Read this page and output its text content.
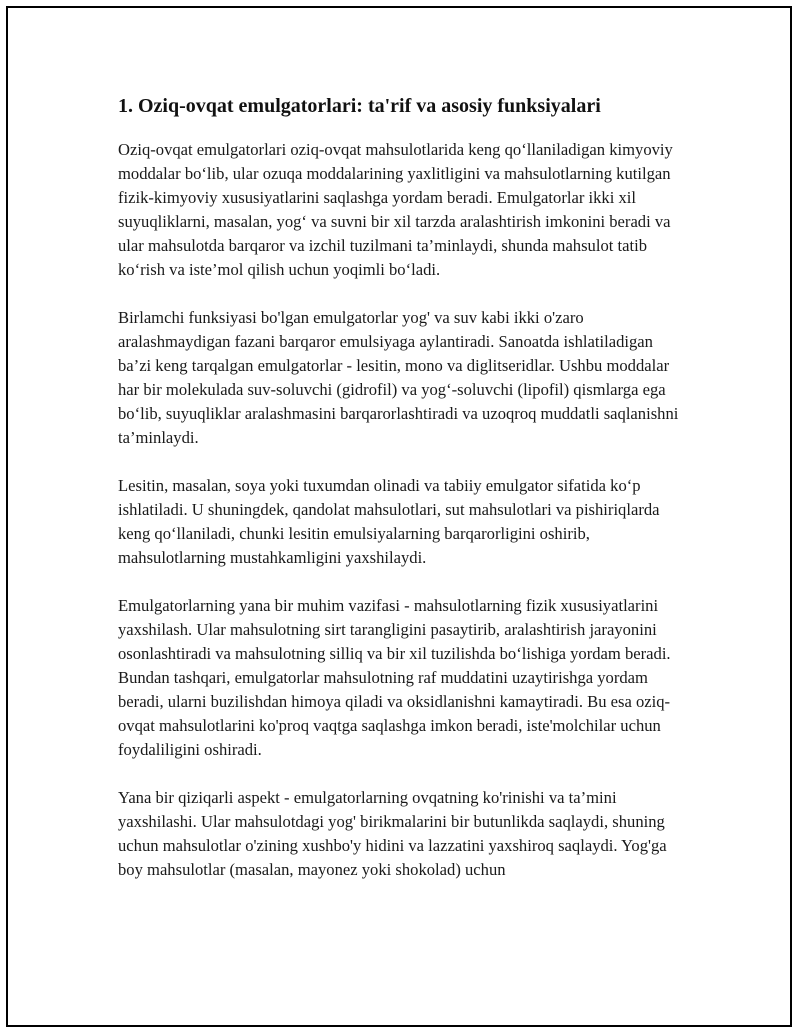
1. Oziq-ovqat emulgatorlari: ta'rif va asosiy funksiyalari

Oziq-ovqat emulgatorlari oziq-ovqat mahsulotlarida keng qo‘llaniladigan kimyoviy moddalar bo‘lib, ular ozuqa moddalarining yaxlitligini va mahsulotlarning kutilgan fizik-kimyoviy xususiyatlarini saqlashga yordam beradi. Emulgatorlar ikki xil suyuqliklarni, masalan, yog‘ va suvni bir xil tarzda aralashtirish imkonini beradi va ular mahsulotda barqaror va izchil tuzilmani ta’minlaydi, shunda mahsulot tatib ko‘rish va iste’mol qilish uchun yoqimli bo‘ladi.

Birlamchi funksiyasi bo'lgan emulgatorlar yog' va suv kabi ikki o'zaro aralashmaydigan fazani barqaror emulsiyaga aylantiradi. Sanoatda ishlatiladigan ba’zi keng tarqalgan emulgatorlar - lesitin, mono va diglitseridlar. Ushbu moddalar har bir molekulada suv-soluvchi (gidrofil) va yog‘-soluvchi (lipofil) qismlarga ega bo‘lib, suyuqliklar aralashmasini barqarorlashtiradi va uzoqroq muddatli saqlanishni ta’minlaydi.

Lesitin, masalan, soya yoki tuxumdan olinadi va tabiiy emulgator sifatida ko‘p ishlatiladi. U shuningdek, qandolat mahsulotlari, sut mahsulotlari va pishiriqlarda keng qo‘llaniladi, chunki lesitin emulsiyalarning barqarorligini oshirib, mahsulotlarning mustahkamligini yaxshilaydi.

Emulgatorlarning yana bir muhim vazifasi - mahsulotlarning fizik xususiyatlarini yaxshilash. Ular mahsulotning sirt tarangligini pasaytirib, aralashtirish jarayonini osonlashtiradi va mahsulotning silliq va bir xil tuzilishda bo‘lishiga yordam beradi. Bundan tashqari, emulgatorlar mahsulotning raf muddatini uzaytirishga yordam beradi, ularni buzilishdan himoya qiladi va oksidlanishni kamaytiradi. Bu esa oziq-ovqat mahsulotlarini ko'proq vaqtga saqlashga imkon beradi, iste'molchilar uchun foydaliligini oshiradi.

Yana bir qiziqarli aspekt - emulgatorlarning ovqatning ko'rinishi va ta’mini yaxshilashi. Ular mahsulotdagi yog' birikmalarini bir butunlikda saqlaydi, shuning uchun mahsulotlar o'zining xushbo'y hidini va lazzatini yaxshiroq saqlaydi. Yog'ga boy mahsulotlar (masalan, mayonez yoki shokolad) uchun
